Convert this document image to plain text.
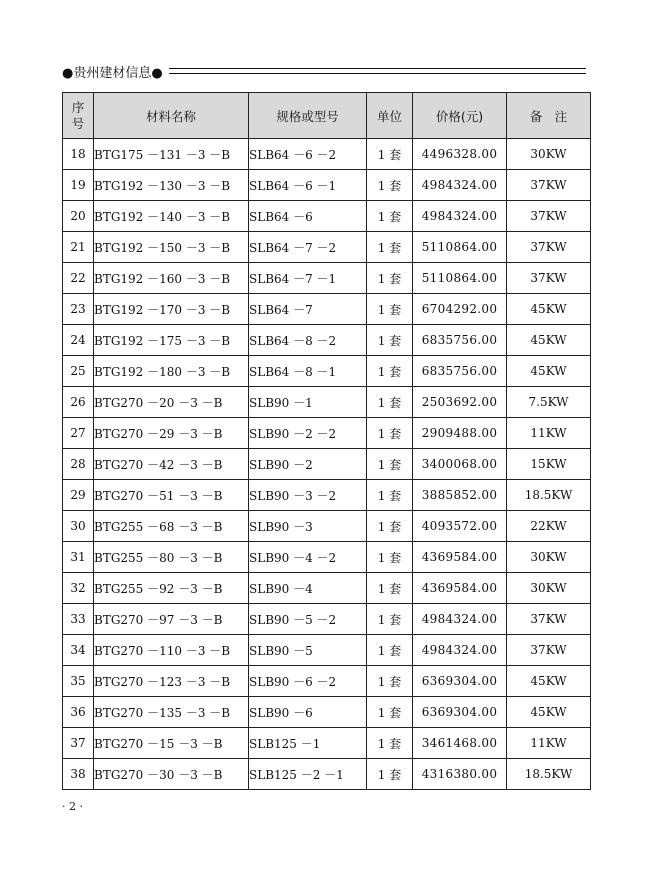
●贵州建材信息●
序
号	材料名称	规格或型号	单位	价格(元)	备　注
18	BTG175 －131 －3 －B	SLB64 －6 －2	1 套	4496328.00	30KW
19	BTG192 －130 －3 －B	SLB64 －6 －1	1 套	4984324.00	37KW
20	BTG192 －140 －3 －B	SLB64 －6	1 套	4984324.00	37KW
21	BTG192 －150 －3 －B	SLB64 －7 －2	1 套	5110864.00	37KW
22	BTG192 －160 －3 －B	SLB64 －7 －1	1 套	5110864.00	37KW
23	BTG192 －170 －3 －B	SLB64 －7	1 套	6704292.00	45KW
24	BTG192 －175 －3 －B	SLB64 －8 －2	1 套	6835756.00	45KW
25	BTG192 －180 －3 －B	SLB64 －8 －1	1 套	6835756.00	45KW
26	BTG270 －20 －3 －B	SLB90 －1	1 套	2503692.00	7.5KW
27	BTG270 －29 －3 －B	SLB90 －2 －2	1 套	2909488.00	11KW
28	BTG270 －42 －3 －B	SLB90 －2	1 套	3400068.00	15KW
29	BTG270 －51 －3 －B	SLB90 －3 －2	1 套	3885852.00	18.5KW
30	BTG255 －68 －3 －B	SLB90 －3	1 套	4093572.00	22KW
31	BTG255 －80 －3 －B	SLB90 －4 －2	1 套	4369584.00	30KW
32	BTG255 －92 －3 －B	SLB90 －4	1 套	4369584.00	30KW
33	BTG270 －97 －3 －B	SLB90 －5 －2	1 套	4984324.00	37KW
34	BTG270 －110 －3 －B	SLB90 －5	1 套	4984324.00	37KW
35	BTG270 －123 －3 －B	SLB90 －6 －2	1 套	6369304.00	45KW
36	BTG270 －135 －3 －B	SLB90 －6	1 套	6369304.00	45KW
37	BTG270 －15 －3 －B	SLB125 －1	1 套	3461468.00	11KW
38	BTG270 －30 －3 －B	SLB125 －2 －1	1 套	4316380.00	18.5KW
· 2 ·
